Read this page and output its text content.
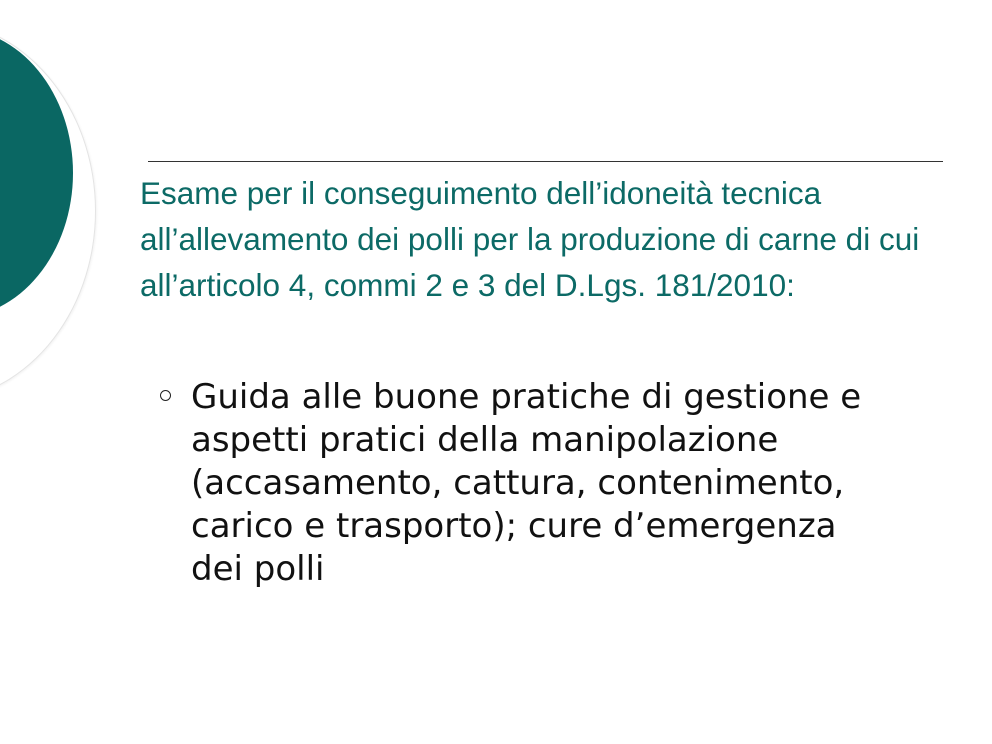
Esame per il conseguimento dell’idoneità tecnica all’allevamento dei polli per la produzione di carne di cui all’articolo 4, commi 2 e 3 del D.Lgs. 181/2010:
Guida alle buone pratiche di gestione e aspetti pratici della manipolazione (accasamento, cattura, contenimento, carico e trasporto); cure d’emergenza dei polli
